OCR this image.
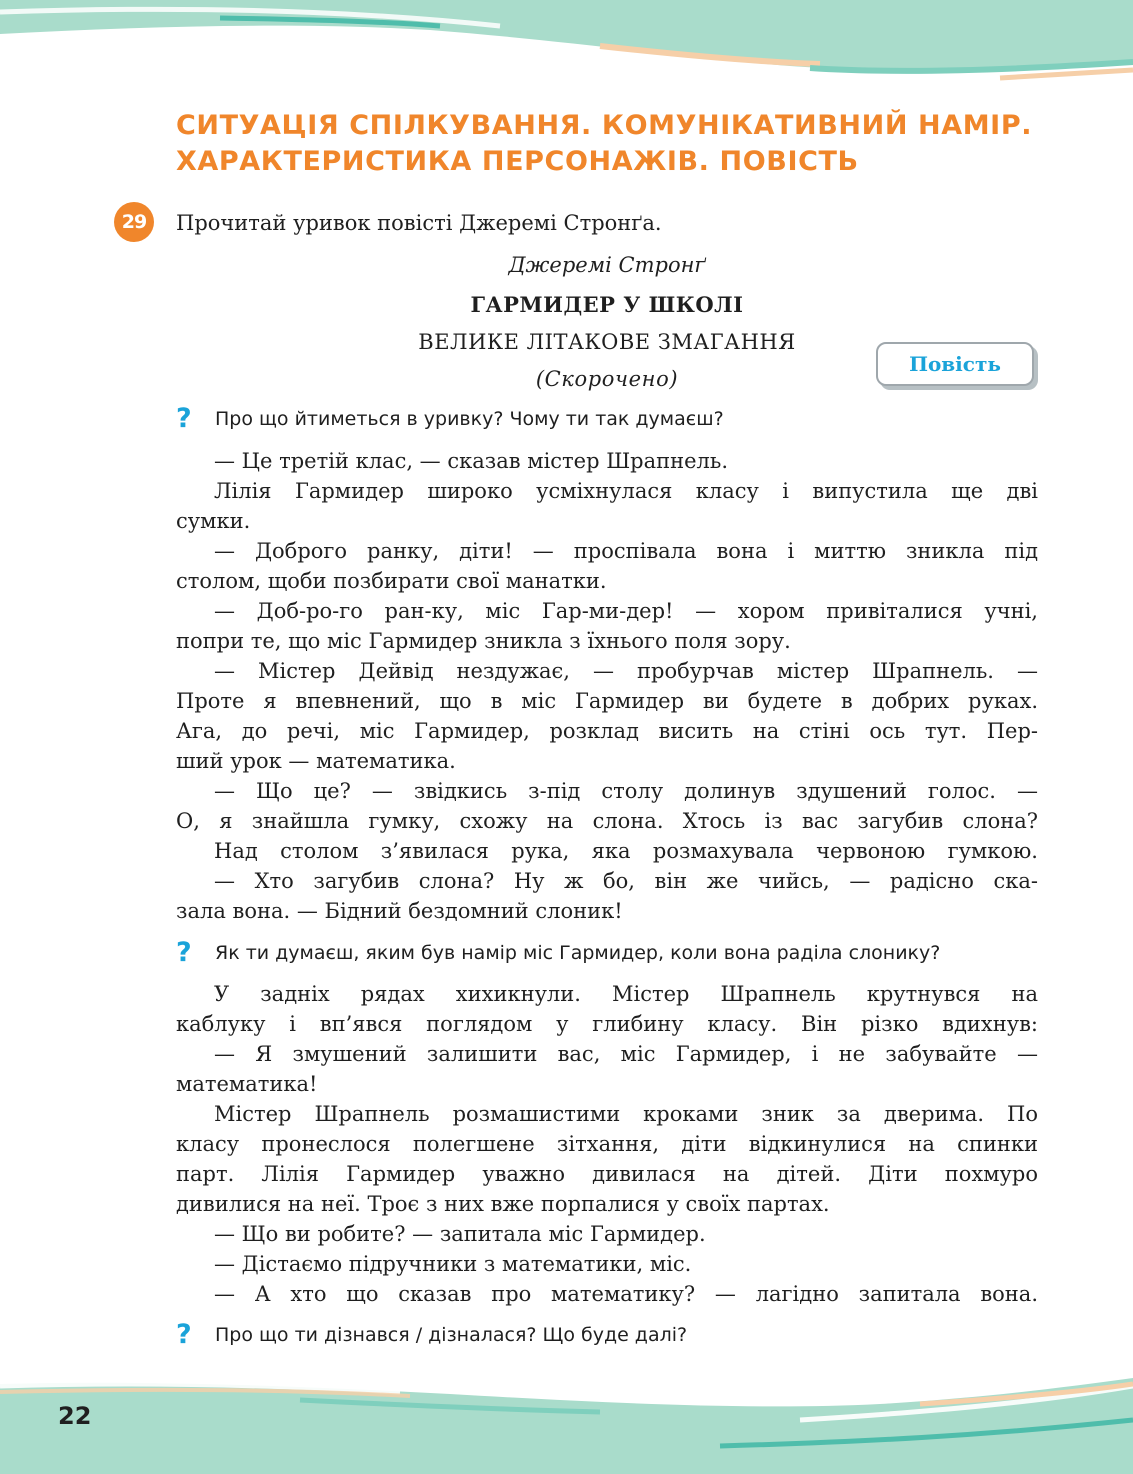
СИТУАЦІЯ СПІЛКУВАННЯ. КОМУНІКАТИВНИЙ НАМІР.
ХАРАКТЕРИСТИКА ПЕРСОНАЖІВ. ПОВІСТЬ
29	Прочитай уривок повісті Джеремі Стронґа.
Джеремі Стронґ
ГАРМИДЕР У ШКОЛІ
ВЕЛИКЕ ЛІТАКОВЕ ЗМАГАННЯ
(Скорочено)
Повість
? Про що йтиметься в уривку? Чому ти так думаєш?
— Це третій клас, — сказав містер Шрапнель.
Лілія Гармидер широко усміхнулася класу і випустила ще дві
сумки.
— Доброго ранку, діти! — проспівала вона і миттю зникла під
столом, щоби позбирати свої манатки.
— Доб-ро-го ран-ку, міс Гар-ми-дер! — хором привіталися учні,
попри те, що міс Гармидер зникла з їхнього поля зору.
— Містер Дейвід нездужає, — пробурчав містер Шрапнель. —
Проте я впевнений, що в міс Гармидер ви будете в добрих руках.
Ага, до речі, міс Гармидер, розклад висить на стіні ось тут. Пер-
ший урок — математика.
— Що це? — звідкись з-під столу долинув здушений голос. —
О, я знайшла гумку, схожу на слона. Хтось із вас загубив слона?
Над столом з’явилася рука, яка розмахувала червоною гумкою.
— Хто загубив слона? Ну ж бо, він же чийсь, — радісно ска-
зала вона. — Бідний бездомний слоник!
? Як ти думаєш, яким був намір міс Гармидер, коли вона раділа слонику?
У задніх рядах хихикнули. Містер Шрапнель крутнувся на
каблуку і вп’явся поглядом у глибину класу. Він різко вдихнув:
— Я змушений залишити вас, міс Гармидер, і не забувайте —
математика!
Містер Шрапнель розмашистими кроками зник за дверима. По
класу пронеслося полегшене зітхання, діти відкинулися на спинки
парт. Лілія Гармидер уважно дивилася на дітей. Діти похмуро
дивилися на неї. Троє з них вже порпалися у своїх партах.
— Що ви робите? — запитала міс Гармидер.
— Дістаємо підручники з математики, міс.
— А хто що сказав про математику? — лагідно запитала вона.
? Про що ти дізнався / дізналася? Що буде далі?
22
